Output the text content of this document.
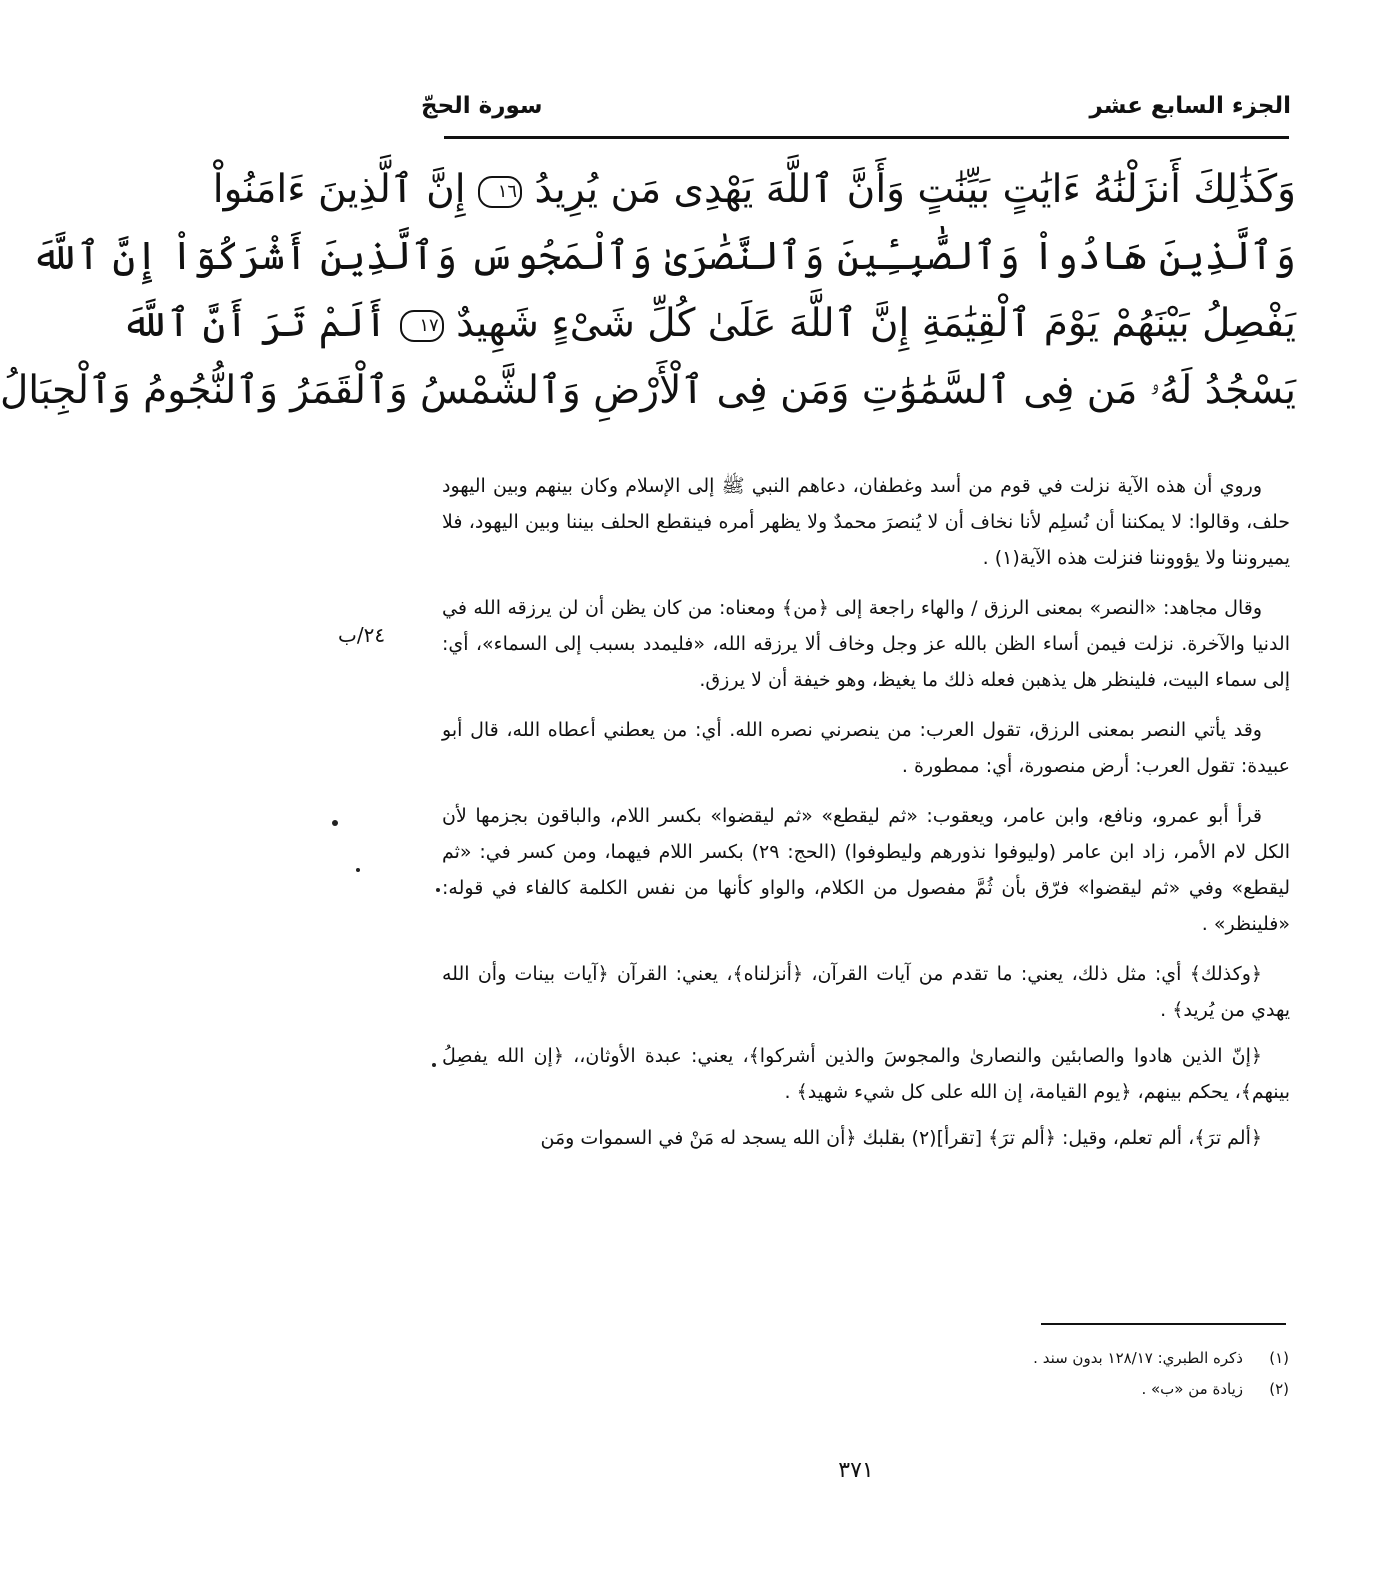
الجزء السابع عشر
سورة الحجّ
وَكَذَٰلِكَ أَنزَلْنَٰهُ ءَايَٰتٍ بَيِّنَٰتٍ وَأَنَّ ٱللَّهَ يَهْدِى مَن يُرِيدُ ١٦ إِنَّ ٱلَّذِينَ ءَامَنُواْ
وَٱلَّذِينَ هَادُواْ وَٱلصَّٰبِـِٔينَ وَٱلنَّصَٰرَىٰ وَٱلْمَجُوسَ وَٱلَّذِينَ أَشْرَكُوٓاْ إِنَّ ٱللَّهَ
يَفْصِلُ بَيْنَهُمْ يَوْمَ ٱلْقِيَٰمَةِ إِنَّ ٱللَّهَ عَلَىٰ كُلِّ شَىْءٍ شَهِيدٌ ١٧ أَلَمْ تَرَ أَنَّ ٱللَّهَ
يَسْجُدُ لَهُۥ مَن فِى ٱلسَّمَٰوَٰتِ وَمَن فِى ٱلْأَرْضِ وَٱلشَّمْسُ وَٱلْقَمَرُ وَٱلنُّجُومُ وَٱلْجِبَالُ

وروي أن هذه الآية نزلت في قوم من أسد وغطفان، دعاهم النبي ﷺ إلى الإسلام وكان بينهم وبين اليهود حلف، وقالوا: لا يمكننا أن نُسلِم لأنا نخاف أن لا يُنصرَ محمدٌ ولا يظهر أمره فينقطع الحلف بيننا وبين اليهود، فلا يميروننا ولا يؤووننا فنزلت هذه الآية(١) .

وقال مجاهد: «النصر» بمعنى الرزق / والهاء راجعة إلى ﴿من﴾ ومعناه: من كان يظن أن لن يرزقه الله في الدنيا والآخرة. نزلت فيمن أساء الظن بالله عز وجل وخاف ألا يرزقه الله، «فليمدد بسبب إلى السماء»، أي: إلى سماء البيت، فلينظر هل يذهبن فعله ذلك ما يغيظ، وهو خيفة أن لا يرزق.

وقد يأتي النصر بمعنى الرزق، تقول العرب: من ينصرني نصره الله. أي: من يعطني أعطاه الله، قال أبو عبيدة: تقول العرب: أرض منصورة، أي: ممطورة .

قرأ أبو عمرو، ونافع، وابن عامر، ويعقوب: «ثم ليقطع» «ثم ليقضوا» بكسر اللام، والباقون بجزمها لأن الكل لام الأمر، زاد ابن عامر (وليوفوا نذورهم وليطوفوا) (الحج: ٢٩) بكسر اللام فيهما، ومن كسر في: «ثم ليقطع» وفي «ثم ليقضوا» فرّق بأن ثُمَّ مفصول من الكلام، والواو كأنها من نفس الكلمة كالفاء في قوله: «فلينظر» .

﴿وكذلك﴾ أي: مثل ذلك، يعني: ما تقدم من آيات القرآن، ﴿أنزلناه﴾، يعني: القرآن ﴿آيات بينات وأن الله يهدي من يُريد﴾ .

﴿إنّ الذين هادوا والصابئين والنصارىٰ والمجوسَ والذين أشركوا﴾، يعني: عبدة الأوثان،، ﴿إن الله يفصِلُ بينهم﴾، يحكم بينهم، ﴿يوم القيامة، إن الله على كل شيء شهيد﴾ .

﴿ألم ترَ﴾، ألم تعلم، وقيل: ﴿ألم ترَ﴾ [تقرأ](٢) بقلبك ﴿أن الله يسجد له مَنْ في السموات ومَن

٢٤/ب
(١)
ذكره الطبري: ١٢٨/١٧ بدون سند .
(٢)
زيادة من «ب» .
٣٧١
